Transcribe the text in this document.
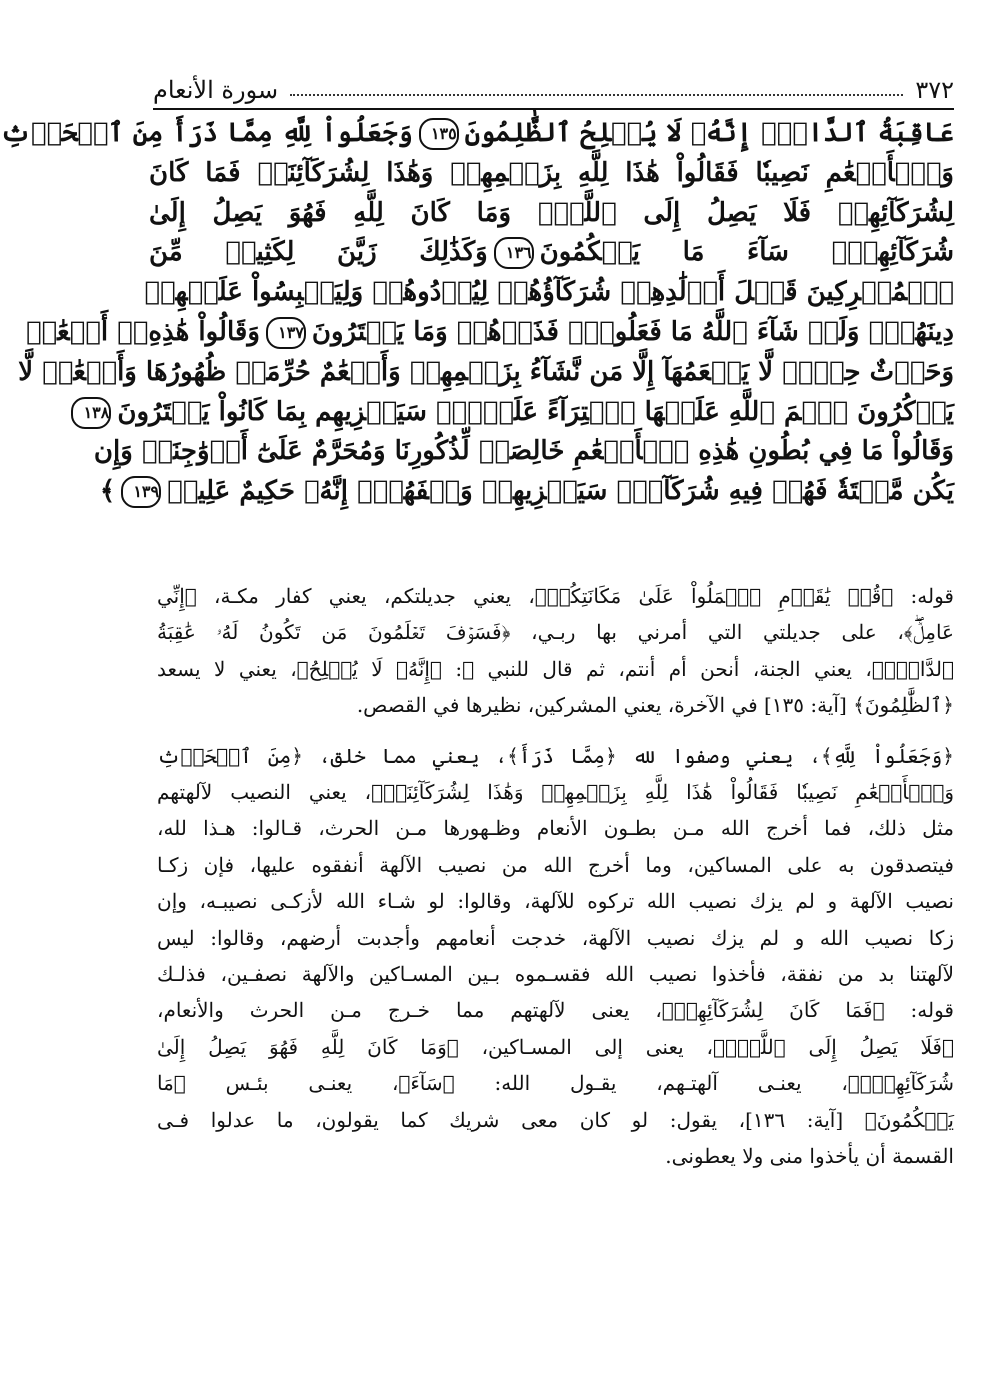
٣٧٢
سورة الأنعام
عَاقِبَةُ ٱلدَّارِۗ إِنَّهُۥ لَا يُفۡلِحُ ٱلظَّٰلِمُونَ١٣٥وَجَعَلُواْ لِلَّهِ مِمَّا ذَرَأَ مِنَ ٱلۡحَرۡثِ
وَٱلۡأَنۡعَٰمِ نَصِيبٗا فَقَالُواْ هَٰذَا لِلَّهِ بِزَعۡمِهِمۡ وَهَٰذَا لِشُرَكَآئِنَاۖ فَمَا كَانَ
لِشُرَكَآئِهِمۡ فَلَا يَصِلُ إِلَى ٱللَّهِۖ وَمَا كَانَ لِلَّهِ فَهُوَ يَصِلُ إِلَىٰ
شُرَكَآئِهِمۡۗ سَآءَ مَا يَحۡكُمُونَ١٣٦وَكَذَٰلِكَ زَيَّنَ لِكَثِيرٖ مِّنَ
ٱلۡمُشۡرِكِينَ قَتۡلَ أَوۡلَٰدِهِمۡ شُرَكَآؤُهُمۡ لِيُرۡدُوهُمۡ وَلِيَلۡبِسُواْ عَلَيۡهِمۡ
دِينَهُمۡۖ وَلَوۡ شَآءَ ٱللَّهُ مَا فَعَلُوهُۖ فَذَرۡهُمۡ وَمَا يَفۡتَرُونَ١٣٧وَقَالُواْ هَٰذِهِۦٓ أَنۡعَٰمٞ
وَحَرۡثٌ حِجۡرٞ لَّا يَطۡعَمُهَآ إِلَّا مَن نَّشَآءُ بِزَعۡمِهِمۡ وَأَنۡعَٰمٌ حُرِّمَتۡ ظُهُورُهَا وَأَنۡعَٰمٞ لَّا
يَذۡكُرُونَ ٱسۡمَ ٱللَّهِ عَلَيۡهَا ٱفۡتِرَآءً عَلَيۡهِۚ سَيَجۡزِيهِم بِمَا كَانُواْ يَفۡتَرُونَ١٣٨
وَقَالُواْ مَا فِي بُطُونِ هَٰذِهِ ٱلۡأَنۡعَٰمِ خَالِصَةٞ لِّذُكُورِنَا وَمُحَرَّمٌ عَلَىٰٓ أَزۡوَٰجِنَاۖ وَإِن
يَكُن مَّيۡتَةٗ فَهُمۡ فِيهِ شُرَكَآءُۚ سَيَجۡزِيهِمۡ وَصۡفَهُمۡۚ إِنَّهُۥ حَكِيمٌ عَلِيمٞ١٣٩﴾
قوله: ﴿قُلۡ يَٰقَوۡمِ ٱعۡمَلُواْ عَلَىٰ مَكَانَتِكُمۡ﴾، يعني جديلتكم، يعني كفار مكـة، ﴿إِنِّي
عَامِلٞۖ﴾، على جديلتي التي أمرني بها ربـي، ﴿فَسَوۡفَ تَعۡلَمُونَ مَن تَكُونُ لَهُۥ عَٰقِبَةُ
ٱلدَّارِۗ﴾، يعني الجنة، أنحن أم أنتم، ثم قال للنبي ﷺ: ﴿إِنَّهُۥ لَا يُفۡلِحُ﴾، يعني لا يسعد
﴿ٱلظَّٰلِمُونَ﴾ [آية: ١٣٥] في الآخرة، يعني المشركين، نظيرها في القصص.
﴿وَجَعَلُواْ لِلَّهِ﴾، يعني وصفوا لله ﴿مِمَّا ذَرَأَ﴾، يعني مما خلق، ﴿مِنَ ٱلۡحَرۡثِ
وَٱلۡأَنۡعَٰمِ نَصِيبٗا فَقَالُواْ هَٰذَا لِلَّهِ بِزَعۡمِهِمۡ وَهَٰذَا لِشُرَكَآئِنَاۖ﴾، يعني النصيب لآلهتهم
مثل ذلك، فما أخرج الله مـن بطـون الأنعام وظـهورها مـن الحرث، قـالوا: هـذا لله،
فيتصدقون به على المساكين، وما أخرج الله من نصيب الآلهة أنفقوه عليها، فإن زكـا
نصيب الآلهة و لم يزك نصيب الله تركوه للآلهة، وقالوا: لو شـاء الله لأزكـى نصيبـه، وإن
زكا نصيب الله و لم يزك نصيب الآلهة، خدجت أنعامهم وأجدبت أرضهم، وقالوا: ليس
لآلهتنا بد من نفقة، فأخذوا نصيب الله فقسـموه بـين المسـاكين والآلهة نصفـين، فذلـك
قوله: ﴿فَمَا كَانَ لِشُرَكَآئِهِمۡ﴾، يعنى لآلهتهم مما خـرج مـن الحرث والأنعام،
﴿فَلَا يَصِلُ إِلَى ٱللَّهِۖ﴾، يعنى إلى المسـاكين، ﴿وَمَا كَانَ لِلَّهِ فَهُوَ يَصِلُ إِلَىٰ
شُرَكَآئِهِمۡۗ﴾، يعنـى آلهتـهم، يقـول الله: ﴿سَآءَ﴾، يعنـى بئـس ﴿مَا
يَحۡكُمُونَ﴾ [آية: ١٣٦]، يقول: لو كان معى شريك كما يقولون، ما عدلوا فـى
القسمة أن يأخذوا منى ولا يعطونى.
